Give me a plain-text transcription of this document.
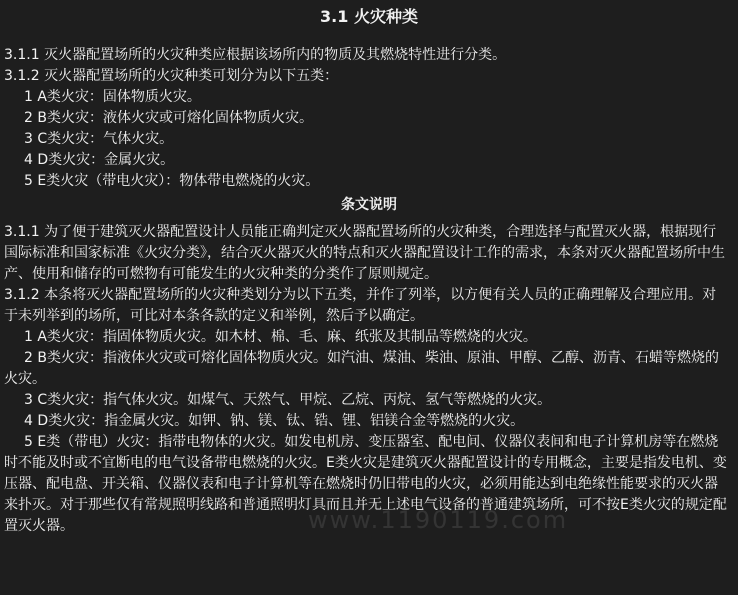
3.1 火灾种类

3.1.1 灭火器配置场所的火灾种类应根据该场所内的物质及其燃烧特性进行分类。

3.1.2 灭火器配置场所的火灾种类可划分为以下五类：

1 A类火灾：固体物质火灾。

2 B类火灾：液体火灾或可熔化固体物质火灾。

3 C类火灾：气体火灾。

4 D类火灾：金属火灾。

5 E类火灾（带电火灾）：物体带电燃烧的火灾。

条文说明

3.1.1 为了便于建筑灭火器配置设计人员能正确判定灭火器配置场所的火灾种类，合理选择与配置灭火器，根据现行国际标准和国家标准《火灾分类》，结合灭火器灭火的特点和灭火器配置设计工作的需求，本条对灭火器配置场所中生产、使用和储存的可燃物有可能发生的火灾种类的分类作了原则规定。

3.1.2 本条将灭火器配置场所的火灾种类划分为以下五类，并作了列举，以方便有关人员的正确理解及合理应用。对于未列举到的场所，可比对本条各款的定义和举例，然后予以确定。

1 A类火灾：指固体物质火灾。如木材、棉、毛、麻、纸张及其制品等燃烧的火灾。

2 B类火灾：指液体火灾或可熔化固体物质火灾。如汽油、煤油、柴油、原油、甲醇、乙醇、沥青、石蜡等燃烧的火灾。

3 C类火灾：指气体火灾。如煤气、天然气、甲烷、乙烷、丙烷、氢气等燃烧的火灾。

4 D类火灾：指金属火灾。如钾、钠、镁、钛、锆、锂、铝镁合金等燃烧的火灾。

5 E类（带电）火灾：指带电物体的火灾。如发电机房、变压器室、配电间、仪器仪表间和电子计算机房等在燃烧时不能及时或不宜断电的电气设备带电燃烧的火灾。E类火灾是建筑灭火器配置设计的专用概念，主要是指发电机、变压器、配电盘、开关箱、仪器仪表和电子计算机等在燃烧时仍旧带电的火灾，必须用能达到电绝缘性能要求的灭火器来扑灭。对于那些仅有常规照明线路和普通照明灯具而且并无上述电气设备的普通建筑场所，可不按E类火灾的规定配置灭火器。	www.1190119.com
